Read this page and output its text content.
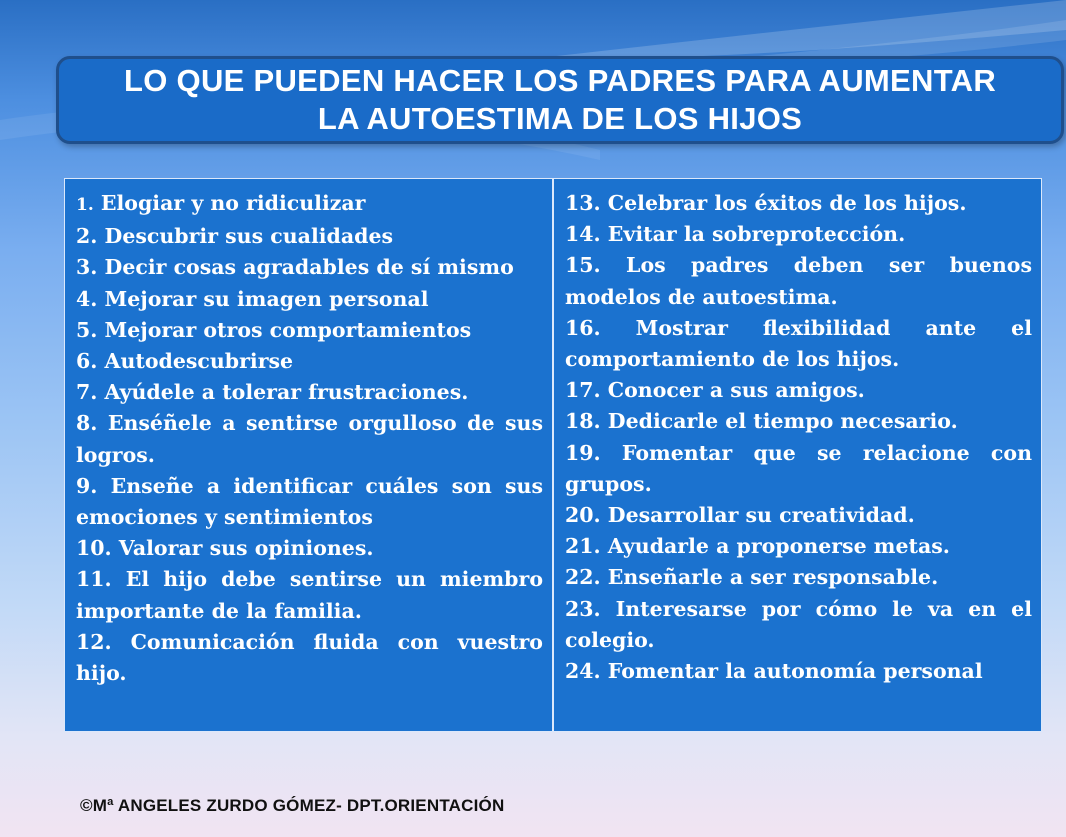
LO QUE PUEDEN HACER LOS PADRES PARA AUMENTAR
LA AUTOESTIMA DE LOS HIJOS

1. Elogiar y no ridiculizar

2. Descubrir sus cualidades

3. Decir cosas agradables de sí mismo

4. Mejorar su imagen personal

5. Mejorar otros comportamientos

6. Autodescubrirse

7. Ayúdele a tolerar frustraciones.

8. Enséñele a sentirse orgulloso de sus logros.

9. Enseñe a identificar cuáles son sus emociones y sentimientos

10. Valorar sus opiniones.

11. El hijo debe sentirse un miembro importante de la familia.

12. Comunicación fluida con vuestro hijo.

13. Celebrar los éxitos de los hijos.

14. Evitar la sobreprotección.

15. Los padres deben ser buenos modelos de autoestima.

16. Mostrar flexibilidad ante el comportamiento de los hijos.

17. Conocer a sus amigos.

18. Dedicarle el tiempo necesario.

19. Fomentar que se relacione con grupos.

20. Desarrollar su creatividad.

21. Ayudarle a proponerse metas.

22. Enseñarle a ser responsable.

23. Interesarse por cómo le va en el colegio.

24. Fomentar la autonomía personal

©Mª ANGELES ZURDO GÓMEZ- DPT.ORIENTACIÓN
